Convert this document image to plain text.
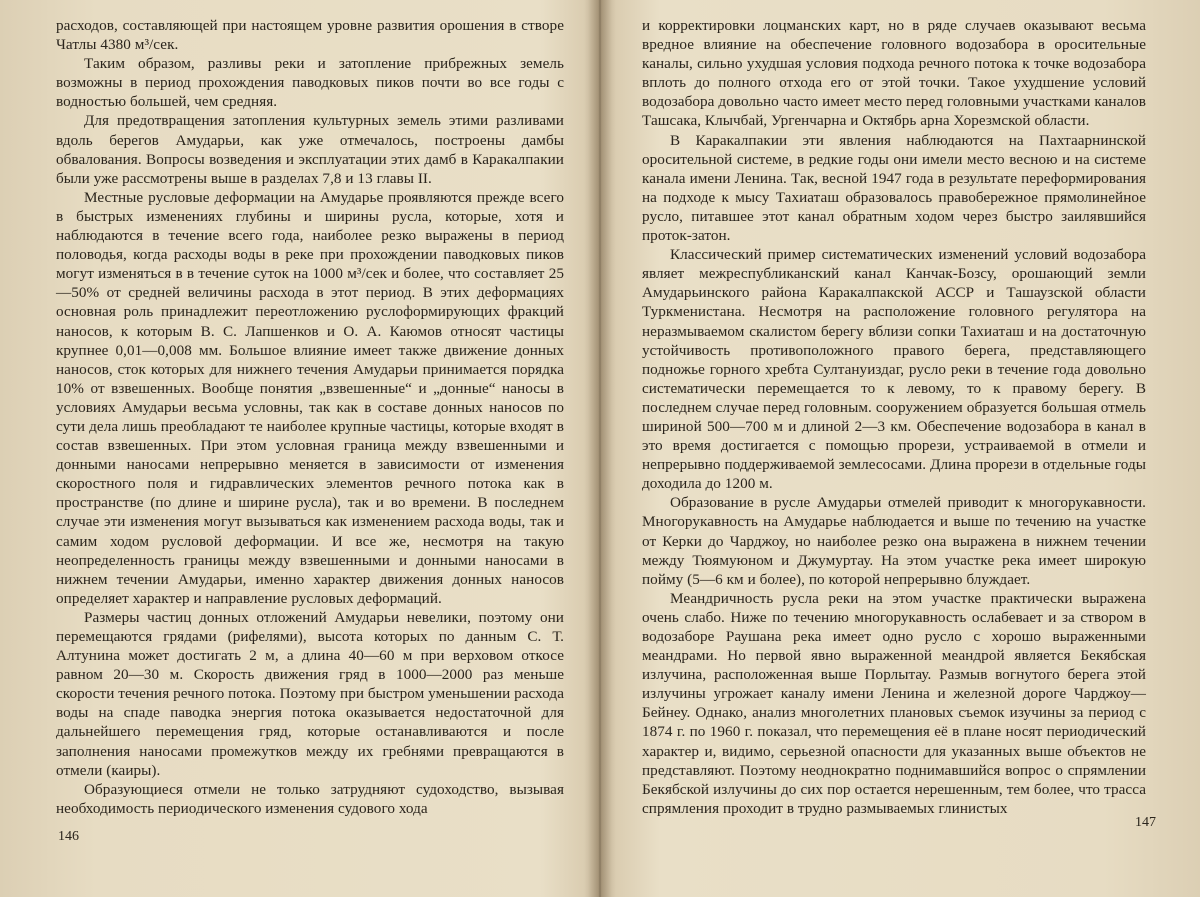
расходов, составляющей при настоящем уровне развития орошения в створе Чатлы 4380 м³/сек.

Таким образом, разливы реки и затопление прибрежных земель возможны в период прохождения паводковых пиков почти во все годы с водностью большей, чем средняя.

Для предотвращения затопления культурных земель этими разливами вдоль берегов Амударьи, как уже отмечалось, построены дамбы обвалования. Вопросы возведения и эксплуатации этих дамб в Каракалпакии были уже рассмотрены выше в разделах 7,8 и 13 главы II.

Местные русловые деформации на Амударье проявляются прежде всего в быстрых изменениях глубины и ширины русла, которые, хотя и наблюдаются в течение всего года, наиболее резко выражены в период половодья, когда расходы воды в реке при прохождении паводковых пиков могут изменяться в в течение суток на 1000 м³/сек и более, что составляет 25—50% от средней величины расхода в этот период. В этих деформациях основная роль принадлежит переотложению руслоформирующих фракций наносов, к которым В. С. Лапшенков и О. А. Каюмов относят частицы крупнее 0,01—0,008 мм. Большое влияние имеет также движение донных наносов, сток которых для нижнего течения Амударьи принимается порядка 10% от взвешенных. Вообще понятия „взвешенные“ и „донные“ наносы в условиях Амударьи весьма условны, так как в составе донных наносов по сути дела лишь преобладают те наиболее крупные частицы, которые входят в состав взвешенных. При этом условная граница между взвешенными и донными наносами непрерывно меняется в зависимости от изменения скоростного поля и гидравлических элементов речного потока как в пространстве (по длине и ширине русла), так и во времени. В последнем случае эти изменения могут вызываться как изменением расхода воды, так и самим ходом русловой деформации. И все же, несмотря на такую неопределенность границы между взвешенными и донными наносами в нижнем течении Амударьи, именно характер движения донных наносов определяет характер и направление русловых деформаций.

Размеры частиц донных отложений Амударьи невелики, поэтому они перемещаются грядами (рифелями), высота которых по данным С. Т. Алтунина может достигать 2 м, а длина 40—60 м при верховом откосе равном 20—30 м. Скорость движения гряд в 1000—2000 раз меньше скорости течения речного потока. Поэтому при быстром уменьшении расхода воды на спаде паводка энергия потока оказывается недостаточной для дальнейшего перемещения гряд, которые останавливаются и после заполнения наносами промежутков между их гребнями превращаются в отмели (каиры).

Образующиеся отмели не только затрудняют судоходство, вызывая необходимость периодического изменения судового хода

146

и корректировки лоцманских карт, но в ряде случаев оказывают весьма вредное влияние на обеспечение головного водозабора в оросительные каналы, сильно ухудшая условия подхода речного потока к точке водозабора вплоть до полного отхода его от этой точки. Такое ухудшение условий водозабора довольно часто имеет место перед головными участками каналов Ташсака, Клычбай, Ургенчарна и Октябрь арна Хорезмской области.

В Каракалпакии эти явления наблюдаются на Пахтаарнинской оросительной системе, в редкие годы они имели место весною и на системе канала имени Ленина. Так, весной 1947 года в результате переформирования на подходе к мысу Тахиаташ образовалось правобережное прямолинейное русло, питавшее этот канал обратным ходом через быстро заилявшийся проток-затон.

Классический пример систематических изменений условий водозабора являет межреспубликанский канал Канчак-Бозсу, орошающий земли Амударьинского района Каракалпакской АССР и Ташаузской области Туркменистана. Несмотря на расположение головного регулятора на неразмываемом скалистом берегу вблизи сопки Тахиаташ и на достаточную устойчивость противоположного правого берега, представляющего подножье горного хребта Султануиздаг, русло реки в течение года довольно систематически перемещается то к левому, то к правому берегу. В последнем случае перед головным. сооружением образуется большая отмель шириной 500—700 м и длиной 2—3 км. Обеспечение водозабора в канал в это время достигается с помощью прорези, устраиваемой в отмели и непрерывно поддерживаемой землесосами. Длина прорези в отдельные годы доходила до 1200 м.

Образование в русле Амударьи отмелей приводит к многорукавности. Многорукавность на Амударье наблюдается и выше по течению на участке от Керки до Чарджоу, но наиболее резко она выражена в нижнем течении между Тюямуюном и Джумуртау. На этом участке река имеет широкую пойму (5—6 км и более), по которой непрерывно блуждает.

Меандричность русла реки на этом участке практически выражена очень слабо. Ниже по течению многорукавность ослабевает и за створом в водозаборе Раушана река имеет одно русло с хорошо выраженными меандрами. Но первой явно выраженной меандрой является Бекябская излучина, расположенная выше Порлытау. Размыв вогнутого берега этой излучины угрожает каналу имени Ленина и железной дороге Чарджоу—Бейнеу. Однако, анализ многолетних плановых съемок изучины за период с 1874 г. по 1960 г. показал, что перемещения её в плане носят периодический характер и, видимо, серьезной опасности для указанных выше объектов не представляют. Поэтому неоднократно поднимавшийся вопрос о спрямлении Бекябской излучины до сих пор остается нерешенным, тем более, что трасса спрямления проходит в трудно размываемых глинистых

147
